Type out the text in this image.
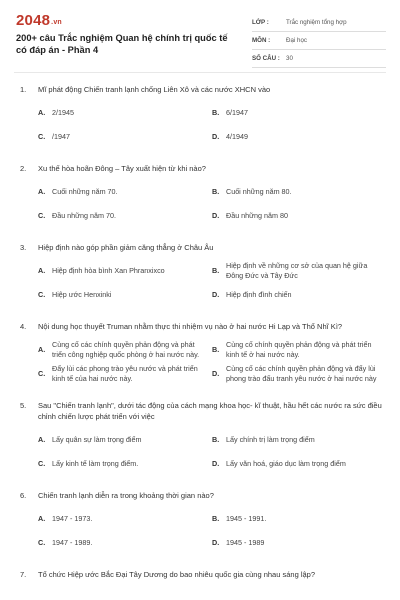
2048.vn
200+ câu Trắc nghiệm Quan hệ chính trị quốc tế có đáp án - Phần 4
LỚP :	Trắc nghiệm tổng hợp
MÔN :	Đại học
SỐ CÂU : 30
1.	Mĩ phát động Chiến tranh lạnh chống Liên Xô và các nước XHCN vào
A. 2/1945	B. 6/1947
C. /1947	D. 4/1949
2.	Xu thế hòa hoãn Đông – Tây xuất hiện từ khi nào?
A. Cuối những năm 70.	B. Cuối những năm 80.
C. Đầu những năm 70.	D. Đầu những năm 80
3.	Hiệp định nào góp phần giảm căng thẳng ở Châu Âu
A. Hiệp định hòa bình Xan Phranxixco	B.
Hiệp định về những cơ sở của quan hệ giữa Đông Đức và Tây Đức
C. Hiệp ước Henxinki	D. Hiệp định đình chiến
4.	Nội dung học thuyết Truman nhằm thực thi nhiệm vụ nào ở hai nước Hi Lạp và Thổ Nhĩ Kì?
A.
Củng cố các chính quyền phản động và phát triển công nghiệp quốc phòng ở hai nước này.
B.
Củng cố chính quyền phản động và phát triển kinh tế ở hai nước này.
C.
Đẩy lùi các phong trào yêu nước và phát triển kinh tế của hai nước này.
D.
Củng cố các chính quyền phản động và đẩy lùi phong trào đấu tranh yêu nước ở hai nước này
5.	Sau "Chiến tranh lạnh", dưới tác động của cách mạng khoa học- kĩ thuật, hầu hết các nước ra sức điều chỉnh chiến lược phát triển với việc
A. Lấy quân sự làm trọng điểm	B. Lấy chính trị làm trọng điểm
C. Lấy kinh tế làm trọng điểm.	D. Lấy văn hoá, giáo dục làm trọng điểm
6.	Chiến tranh lạnh diễn ra trong khoảng thời gian nào?
A. 1947 - 1973.	B. 1945 - 1991.
C. 1947 - 1989.	D. 1945 - 1989
7.	Tổ chức Hiệp ước Bắc Đại Tây Dương do bao nhiêu quốc gia cùng nhau sáng lập?
